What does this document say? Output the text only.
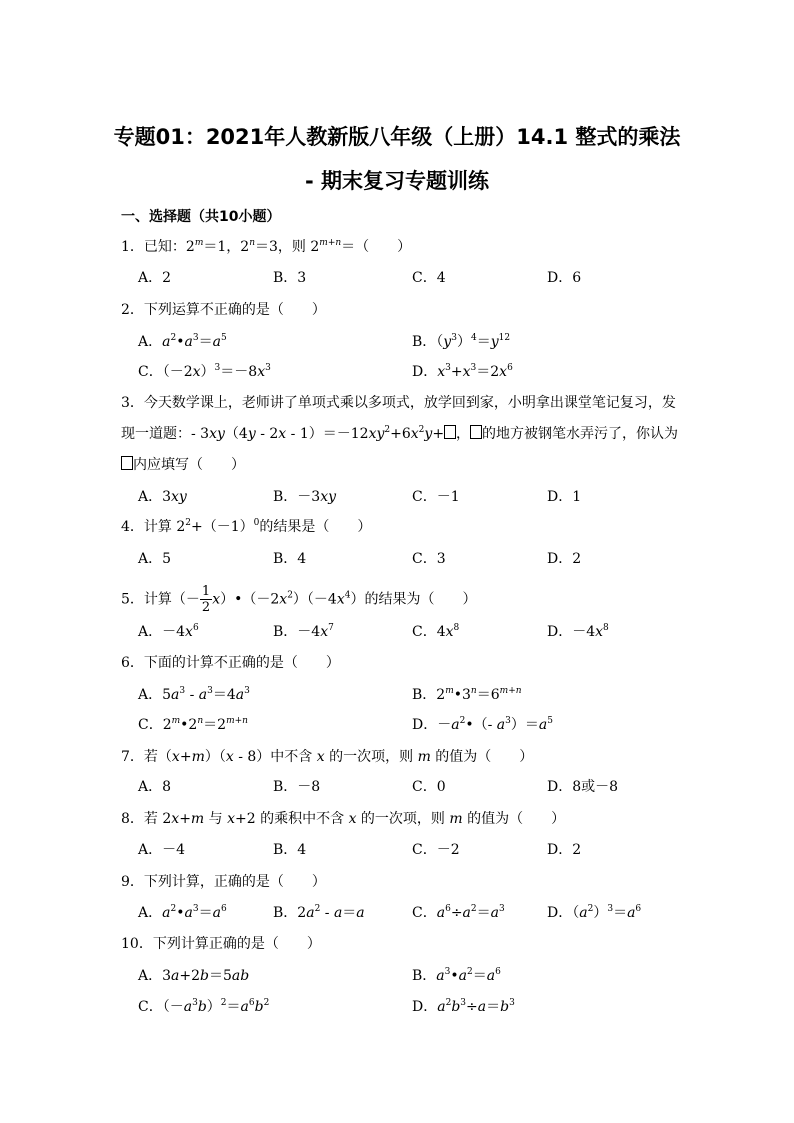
专题01：2021年人教新版八年级（上册）14.1 整式的乘法
- 期末复习专题训练
一、选择题（共10小题）
1．已知：$2^m=1$，$2^n=3$，则 $2^{m+n}=$（　　）
A．2	B．3	C．4	D．6
2．下列运算不正确的是（　　）
A．$a^2•a^3=a^5$	B．$(y^3)^4=y^{12}$
C．$(-2x)^3=-8x^3$	D．$x^3+x^3=2x^6$
3．今天数学课上，老师讲了单项式乘以多项式，放学回到家，小明拿出课堂笔记复习，发现一道题：- $3xy(4y - 2x - 1)=-12xy^2+6x^2y+$ ， 的地方被钢笔水弄污了，你认为内应填写（　　）
A．3xy	B．－3xy	C．－1	D．1
4．计算 $2^2+(-1)^0$的结果是（　　）
A．5	B．4	C．3	D．2
5．计算（－ $\frac{1}{2}$ $x)•(-2x^2)(-4x^4)$的结果为（　　）
A．$-4x^6$	B．$-4x^7$	C．$4x^8$	D．$-4x^8$
6．下面的计算不正确的是（　　）
A．$5a^3 - a^3=4a^3$	B．$2^m•3^n=6^{m+n}$
C．$2^m•2^n=2^{m+n}$	D．$-a^2•(-$ $a^3)=a^5$
7．若（x+m）（x - 8）中不含 x 的一次项，则 m 的值为（　　）
A．8	B．－8	C．0	D．8或－8
8．若 2x+m 与 x+2 的乘积中不含 x 的一次项，则 m 的值为（　　）
A．－4	B．4	C．－2	D．2
9．下列计算，正确的是（　　）
A．$a^2•a^3=a^6$	B．$2a^2 - a=a$	C．$a^6\div a^2=a^3$	D．$(a^2)^3=a^6$
10．下列计算正确的是（　　）
A．3a+2b＝5ab	B．$a^3•a^2=a^6$
C．$(-a^3b)^2=a^6b^2$	D．$a^2b^3\div a=b^3$
